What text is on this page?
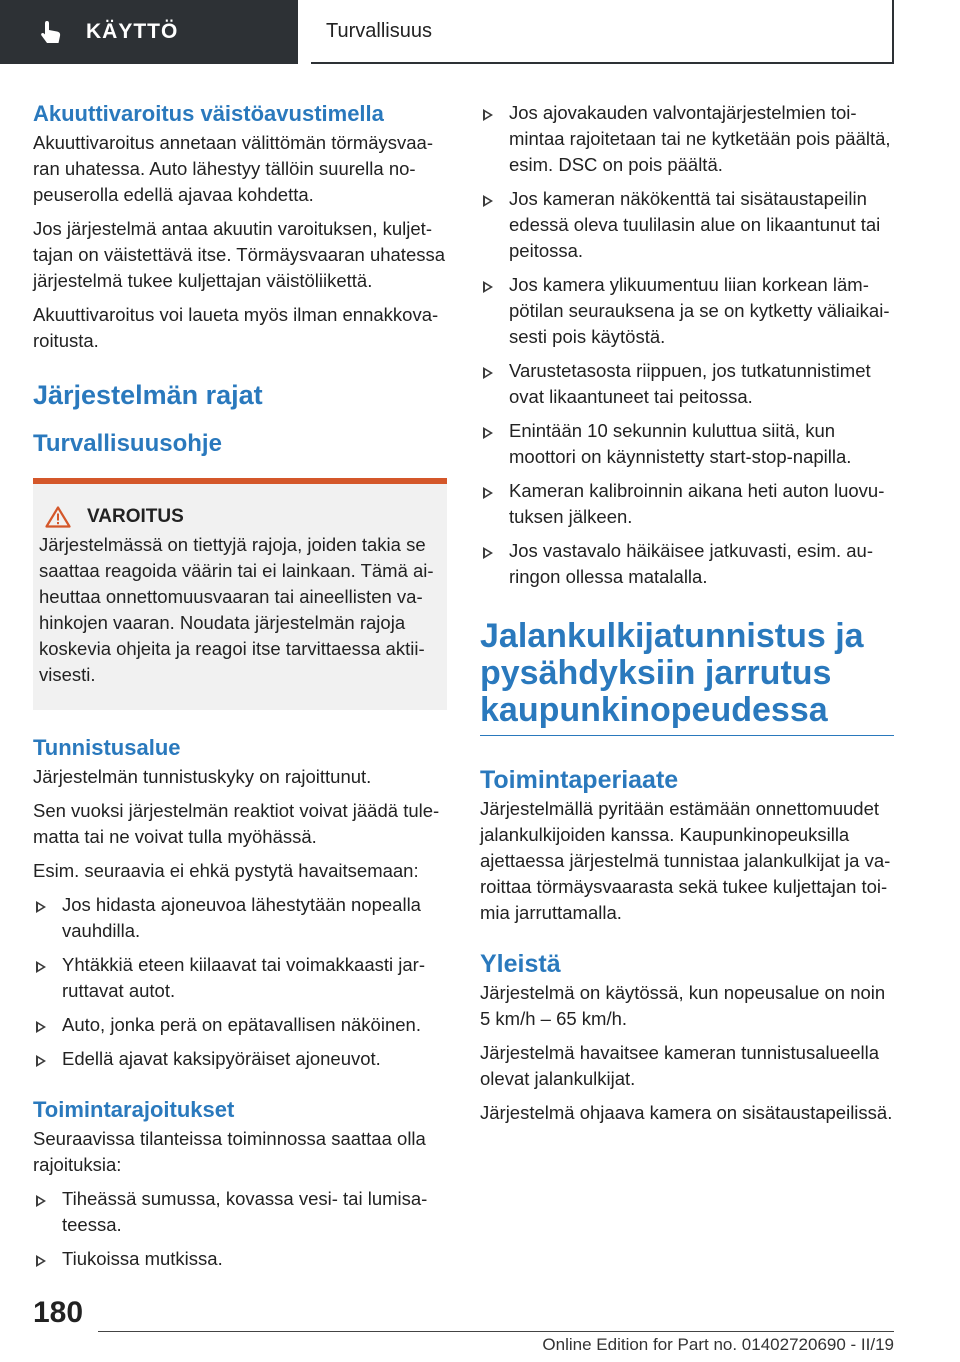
KÄYTTÖ	Turvallisuus
Akuuttivaroitus väistöavustimella

Akuuttivaroitus annetaan välittömän törmäysvaaran uhatessa. Auto lähestyy tällöin suurella nopeuserolla edellä ajavaa kohdetta.

Jos järjestelmä antaa akuutin varoituksen, kuljettajan on väistettävä itse. Törmäysvaaran uhatessa järjestelmä tukee kuljettajan väistöliikettä.

Akuuttivaroitus voi laueta myös ilman ennakkovaroitusta.

Järjestelmän rajat
Turvallisuusohje
VAROITUS

Järjestelmässä on tiettyjä rajoja, joiden takia se saattaa reagoida väärin tai ei lainkaan. Tämä aiheuttaa onnettomuusvaaran tai aineellisten vahinkojen vaaran. Noudata järjestelmän rajoja koskevia ohjeita ja reagoi itse tarvittaessa aktiivisesti.

Tunnistusalue

Järjestelmän tunnistuskyky on rajoittunut.

Sen vuoksi järjestelmän reaktiot voivat jäädä tulematta tai ne voivat tulla myöhässä.

Esim. seuraavia ei ehkä pystytä havaitsemaan:

Jos hidasta ajoneuvoa lähestytään nopealla vauhdilla.
Yhtäkkiä eteen kiilaavat tai voimakkaasti jarruttavat autot.
Auto, jonka perä on epätavallisen näköinen.
Edellä ajavat kaksipyöräiset ajoneuvot.
Toimintarajoitukset

Seuraavissa tilanteissa toiminnossa saattaa olla rajoituksia:

Tiheässä sumussa, kovassa vesi- tai lumisateessa.
Tiukoissa mutkissa.
Jos ajovakauden valvontajärjestelmien toimintaa rajoitetaan tai ne kytketään pois päältä, esim. DSC on pois päältä.
Jos kameran näkökenttä tai sisätaustapeilin edessä oleva tuulilasin alue on likaantunut tai peitossa.
Jos kamera ylikuumentuu liian korkean lämpötilan seurauksena ja se on kytketty väliaikaisesti pois käytöstä.
Varustetasosta riippuen, jos tutkatunnistimet ovat likaantuneet tai peitossa.
Enintään 10 sekunnin kuluttua siitä, kun moottori on käynnistetty start-stop-napilla.
Kameran kalibroinnin aikana heti auton luovutuksen jälkeen.
Jos vastavalo häikäisee jatkuvasti, esim. auringon ollessa matalalla.
Jalankulkijatunnistus ja pysähdyksiin jarrutus kaupunkinopeudessa
Toimintaperiaate

Järjestelmällä pyritään estämään onnettomuudet jalankulkijoiden kanssa. Kaupunkinopeuksilla ajettaessa järjestelmä tunnistaa jalankulkijat ja varoittaa törmäysvaarasta sekä tukee kuljettajan toimia jarruttamalla.

Yleistä

Järjestelmä on käytössä, kun nopeusalue on noin 5 km/h – 65 km/h.

Järjestelmä havaitsee kameran tunnistusalueella olevat jalankulkijat.

Järjestelmä ohjaava kamera on sisätaustapeilissä.

180
Online Edition for Part no. 01402720690 - II/19
